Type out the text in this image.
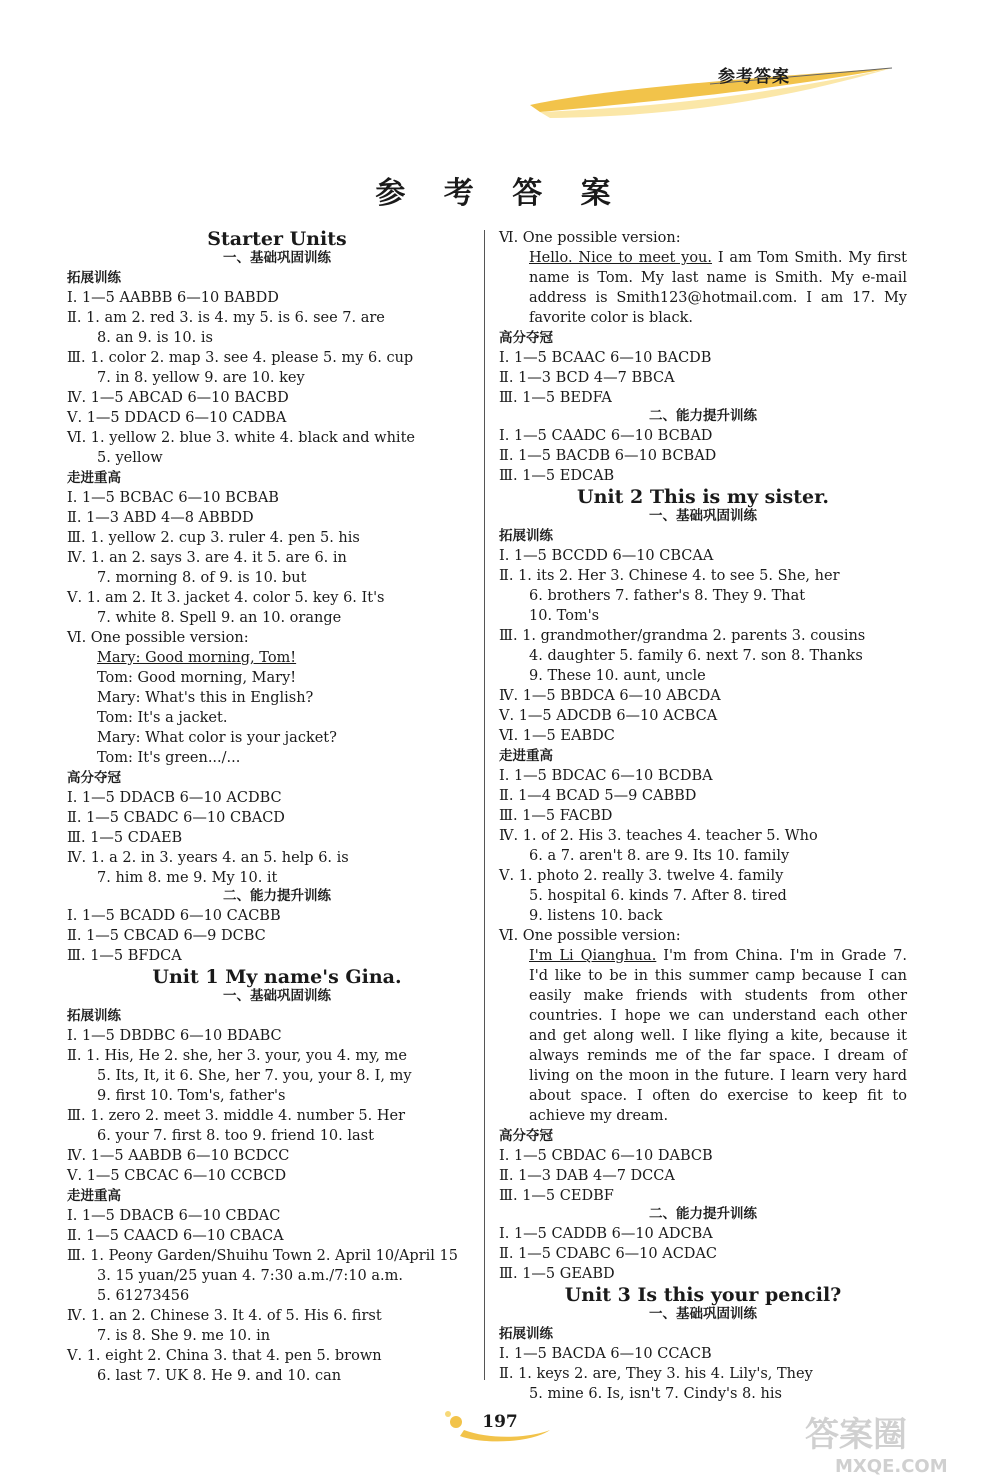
参考答案
参 考 答 案
Starter Units
一、基础巩固训练
拓展训练
Ⅰ. 1—5 AABBB 6—10 BABDD
Ⅱ. 1. am 2. red 3. is 4. my 5. is 6. see 7. are
8. an 9. is 10. is
Ⅲ. 1. color 2. map 3. see 4. please 5. my 6. cup
7. in 8. yellow 9. are 10. key
Ⅳ. 1—5 ABCAD 6—10 BACBD
Ⅴ. 1—5 DDACD 6—10 CADBA
Ⅵ. 1. yellow 2. blue 3. white 4. black and white
5. yellow
走进重高
Ⅰ. 1—5 BCBAC 6—10 BCBAB
Ⅱ. 1—3 ABD 4—8 ABBDD
Ⅲ. 1. yellow 2. cup 3. ruler 4. pen 5. his
Ⅳ. 1. an 2. says 3. are 4. it 5. are 6. in
7. morning 8. of 9. is 10. but
Ⅴ. 1. am 2. It 3. jacket 4. color 5. key 6. It's
7. white 8. Spell 9. an 10. orange
Ⅵ. One possible version:
Mary: Good morning, Tom!
Tom: Good morning, Mary!
Mary: What's this in English?
Tom: It's a jacket.
Mary: What color is your jacket?
Tom: It's green.../...
高分夺冠
Ⅰ. 1—5 DDACB 6—10 ACDBC
Ⅱ. 1—5 CBADC 6—10 CBACD
Ⅲ. 1—5 CDAEB
Ⅳ. 1. a 2. in 3. years 4. an 5. help 6. is
7. him 8. me 9. My 10. it
二、能力提升训练
Ⅰ. 1—5 BCADD 6—10 CACBB
Ⅱ. 1—5 CBCAD 6—9 DCBC
Ⅲ. 1—5 BFDCA
Unit 1 My name's Gina.
一、基础巩固训练
拓展训练
Ⅰ. 1—5 DBDBC 6—10 BDABC
Ⅱ. 1. His, He 2. she, her 3. your, you 4. my, me
5. Its, It, it 6. She, her 7. you, your 8. I, my
9. first 10. Tom's, father's
Ⅲ. 1. zero 2. meet 3. middle 4. number 5. Her
6. your 7. first 8. too 9. friend 10. last
Ⅳ. 1—5 AABDB 6—10 BCDCC
Ⅴ. 1—5 CBCAC 6—10 CCBCD
走进重高
Ⅰ. 1—5 DBACB 6—10 CBDAC
Ⅱ. 1—5 CAACD 6—10 CBACA
Ⅲ. 1. Peony Garden/Shuihu Town 2. April 10/April 15
3. 15 yuan/25 yuan 4. 7:30 a.m./7:10 a.m.
5. 61273456
Ⅳ. 1. an 2. Chinese 3. It 4. of 5. His 6. first
7. is 8. She 9. me 10. in
Ⅴ. 1. eight 2. China 3. that 4. pen 5. brown
6. last 7. UK 8. He 9. and 10. can
Ⅵ. One possible version:
Hello. Nice to meet you. I am Tom Smith. My first name is Tom. My last name is Smith. My e-mail address is Smith123@hotmail.com. I am 17. My favorite color is black.
高分夺冠
Ⅰ. 1—5 BCAAC 6—10 BACDB
Ⅱ. 1—3 BCD 4—7 BBCA
Ⅲ. 1—5 BEDFA
二、能力提升训练
Ⅰ. 1—5 CAADC 6—10 BCBAD
Ⅱ. 1—5 BACDB 6—10 BCBAD
Ⅲ. 1—5 EDCAB
Unit 2 This is my sister.
一、基础巩固训练
拓展训练
Ⅰ. 1—5 BCCDD 6—10 CBCAA
Ⅱ. 1. its 2. Her 3. Chinese 4. to see 5. She, her
6. brothers 7. father's 8. They 9. That
10. Tom's
Ⅲ. 1. grandmother/grandma 2. parents 3. cousins
4. daughter 5. family 6. next 7. son 8. Thanks
9. These 10. aunt, uncle
Ⅳ. 1—5 BBDCA 6—10 ABCDA
Ⅴ. 1—5 ADCDB 6—10 ACBCA
Ⅵ. 1—5 EABDC
走进重高
Ⅰ. 1—5 BDCAC 6—10 BCDBA
Ⅱ. 1—4 BCAD 5—9 CABBD
Ⅲ. 1—5 FACBD
Ⅳ. 1. of 2. His 3. teaches 4. teacher 5. Who
6. a 7. aren't 8. are 9. Its 10. family
Ⅴ. 1. photo 2. really 3. twelve 4. family
5. hospital 6. kinds 7. After 8. tired
9. listens 10. back
Ⅵ. One possible version:
I'm Li Qianghua. I'm from China. I'm in Grade 7. I'd like to be in this summer camp because I can easily make friends with students from other countries. I hope we can understand each other and get along well. I like flying a kite, because it always reminds me of the far space. I dream of living on the moon in the future. I learn very hard about space. I often do exercise to keep fit to achieve my dream.
高分夺冠
Ⅰ. 1—5 CBDAC 6—10 DABCB
Ⅱ. 1—3 DAB 4—7 DCCA
Ⅲ. 1—5 CEDBF
二、能力提升训练
Ⅰ. 1—5 CADDB 6—10 ADCBA
Ⅱ. 1—5 CDABC 6—10 ACDAC
Ⅲ. 1—5 GEABD
Unit 3 Is this your pencil?
一、基础巩固训练
拓展训练
Ⅰ. 1—5 BACDA 6—10 CCACB
Ⅱ. 1. keys 2. are, They 3. his 4. Lily's, They
5. mine 6. Is, isn't 7. Cindy's 8. his
197	答案圈
MXQE.COM
